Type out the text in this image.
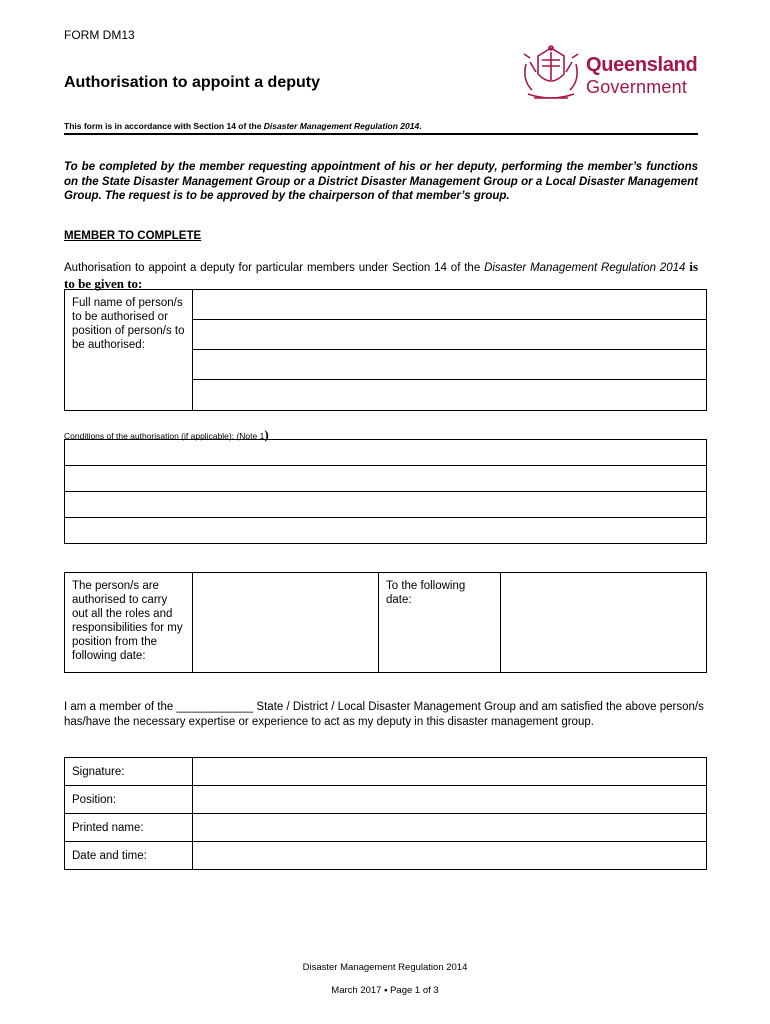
FORM DM13
Queensland
Government
Authorisation to appoint a deputy
This form is in accordance with Section 14 of the Disaster Management Regulation 2014.
To be completed by the member requesting appointment of his or her deputy, performing the member’s functions on the State Disaster Management Group or a District Disaster Management Group or a Local Disaster Management Group. The request is to be approved by the chairperson of that member’s group.
MEMBER TO COMPLETE
Authorisation to appoint a deputy for particular members under Section 14 of the Disaster Management Regulation 2014 is to be given to:
Full name of person/s to be authorised or position of person/s to be authorised:	

Conditions of the authorisation (if applicable): (Note 1)

The person/s are authorised to carry out all the roles and responsibilities for my position from the following date:		To the following date:	
I am a member of the ____________ State / District / Local Disaster Management Group and am satisfied the above person/s has/have the necessary expertise or experience to act as my deputy in this disaster management group.
Signature:	
Position:	
Printed name:	
Date and time:	
Disaster Management Regulation 2014
March 2017 ▪ Page 1 of 3
